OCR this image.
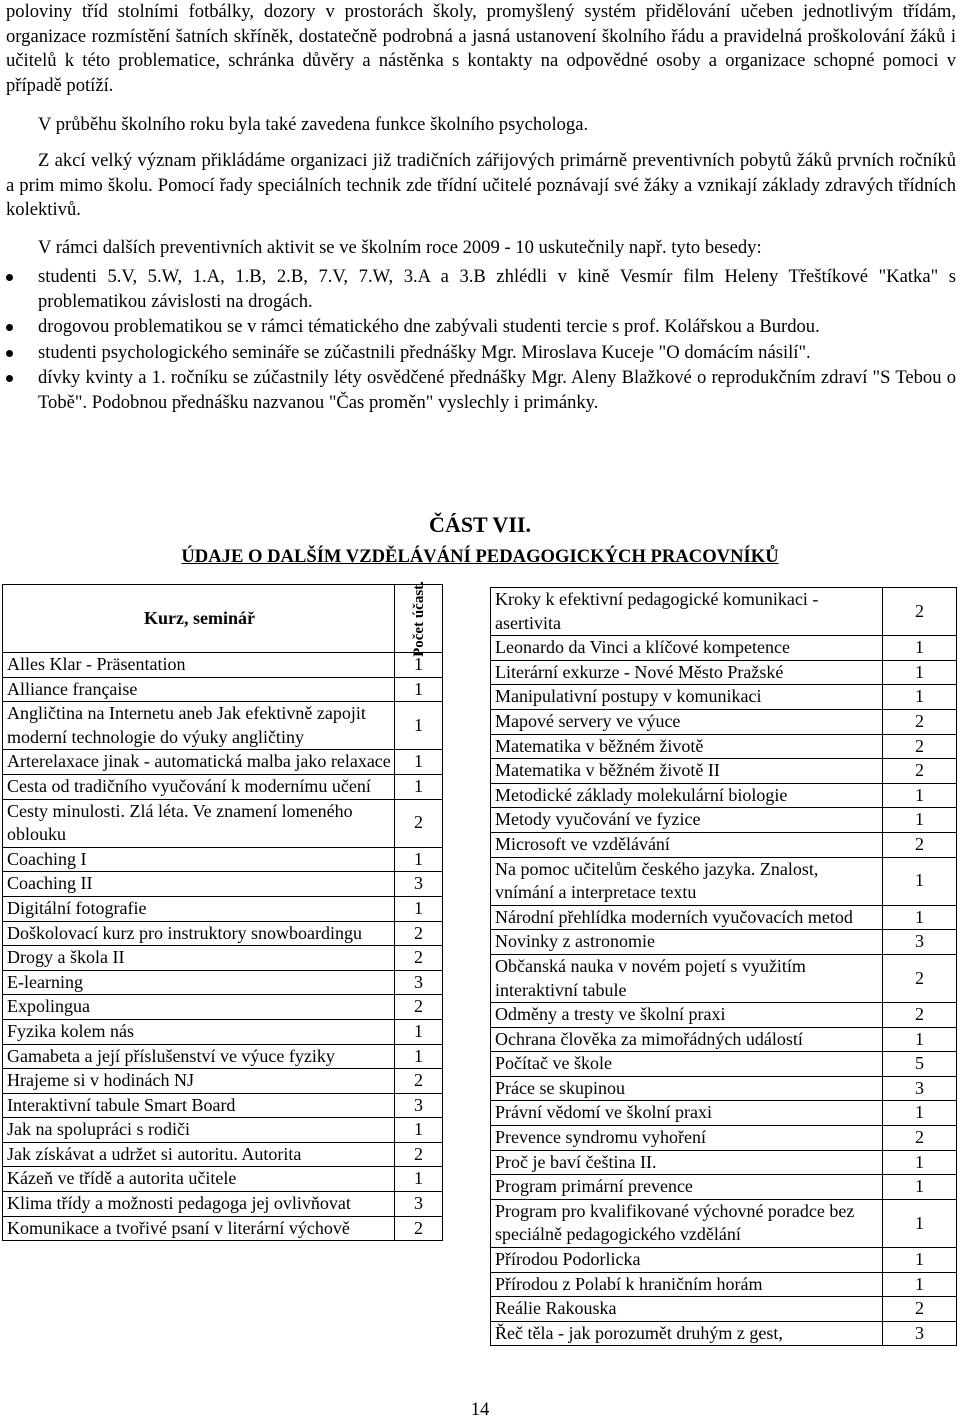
poloviny tříd stolními fotbálky, dozory v prostorách školy, promyšlený systém přidělování učeben jednotlivým třídám, organizace rozmístění šatních skříněk, dostatečně podrobná a jasná ustanovení školního řádu a pravidelná proškolování žáků i učitelů k této problematice, schránka důvěry a nástěnka s kontakty na odpovědné osoby a organizace schopné pomoci v případě potíží.

V průběhu školního roku byla také zavedena funkce školního psychologa.

Z akcí velký význam přikládáme organizaci již tradičních zářijových primárně preventivních pobytů žáků prvních ročníků a prim mimo školu. Pomocí řady speciálních technik zde třídní učitelé poznávají své žáky a vznikají základy zdravých třídních kolektivů.

V rámci dalších preventivních aktivit se ve školním roce 2009 - 10 uskutečnily např. tyto besedy:

studenti 5.V, 5.W, 1.A, 1.B, 2.B, 7.V, 7.W, 3.A a 3.B zhlédli v kině Vesmír film Heleny Třeštíkové "Katka" s problematikou závislosti na drogách.
drogovou problematikou se v rámci tématického dne zabývali studenti tercie s prof. Kolářskou a Burdou.
studenti psychologického semináře se zúčastnili přednášky Mgr. Miroslava Kuceje "O domácím násilí".
dívky kvinty a 1. ročníku se zúčastnily léty osvědčené přednášky Mgr. Aleny Blažkové o reprodukčním zdraví "S Tebou o Tobě". Podobnou přednášku nazvanou "Čas proměn" vyslechly i primánky.
ČÁST VII.
ÚDAJE O DALŠÍM VZDĚLÁVÁNÍ PEDAGOGICKÝCH PRACOVNÍKŮ
Kurz, seminář	Počet účast.

Alles Klar - Präsentation	1
Alliance française	1
Angličtina na Internetu aneb Jak efektivně zapojit moderní technologie do výuky angličtiny	1
Arterelaxace jinak - automatická malba jako relaxace	1
Cesta od tradičního vyučování k modernímu učení	1
Cesty minulosti. Zlá léta. Ve znamení lomeného oblouku	2
Coaching I	1
Coaching II	3
Digitální fotografie	1
Doškolovací kurz pro instruktory snowboardingu	2
Drogy a škola II	2
E-learning	3
Expolingua	2
Fyzika kolem nás	1
Gamabeta a její příslušenství ve výuce fyziky	1
Hrajeme si v hodinách NJ	2
Interaktivní tabule Smart Board	3
Jak na spolupráci s rodiči	1
Jak získávat a udržet si autoritu. Autorita	2
Kázeň ve třídě a autorita učitele	1
Klima třídy a možnosti pedagoga jej ovlivňovat	3
Komunikace a tvořivé psaní v literární výchově	2
Kroky k efektivní pedagogické komunikaci - asertivita	2
Leonardo da Vinci a klíčové kompetence	1
Literární exkurze - Nové Město Pražské	1
Manipulativní postupy v komunikaci	1
Mapové servery ve výuce	2
Matematika v běžném životě	2
Matematika v běžném životě II	2
Metodické základy molekulární biologie	1
Metody vyučování ve fyzice	1
Microsoft ve vzdělávání	2
Na pomoc učitelům českého jazyka. Znalost, vnímání a interpretace textu	1
Národní přehlídka moderních vyučovacích metod	1
Novinky z astronomie	3
Občanská nauka v novém pojetí s využitím interaktivní tabule	2
Odměny a tresty ve školní praxi	2
Ochrana člověka za mimořádných událostí	1
Počítač ve škole	5
Práce se skupinou	3
Právní vědomí ve školní praxi	1
Prevence syndromu vyhoření	2
Proč je baví čeština II.	1
Program primární prevence	1
Program pro kvalifikované výchovné poradce bez speciálně pedagogického vzdělání	1
Přírodou Podorlicka	1
Přírodou z Polabí k hraničním horám	1
Reálie Rakouska	2
Řeč těla - jak porozumět druhým z gest,	3
14
